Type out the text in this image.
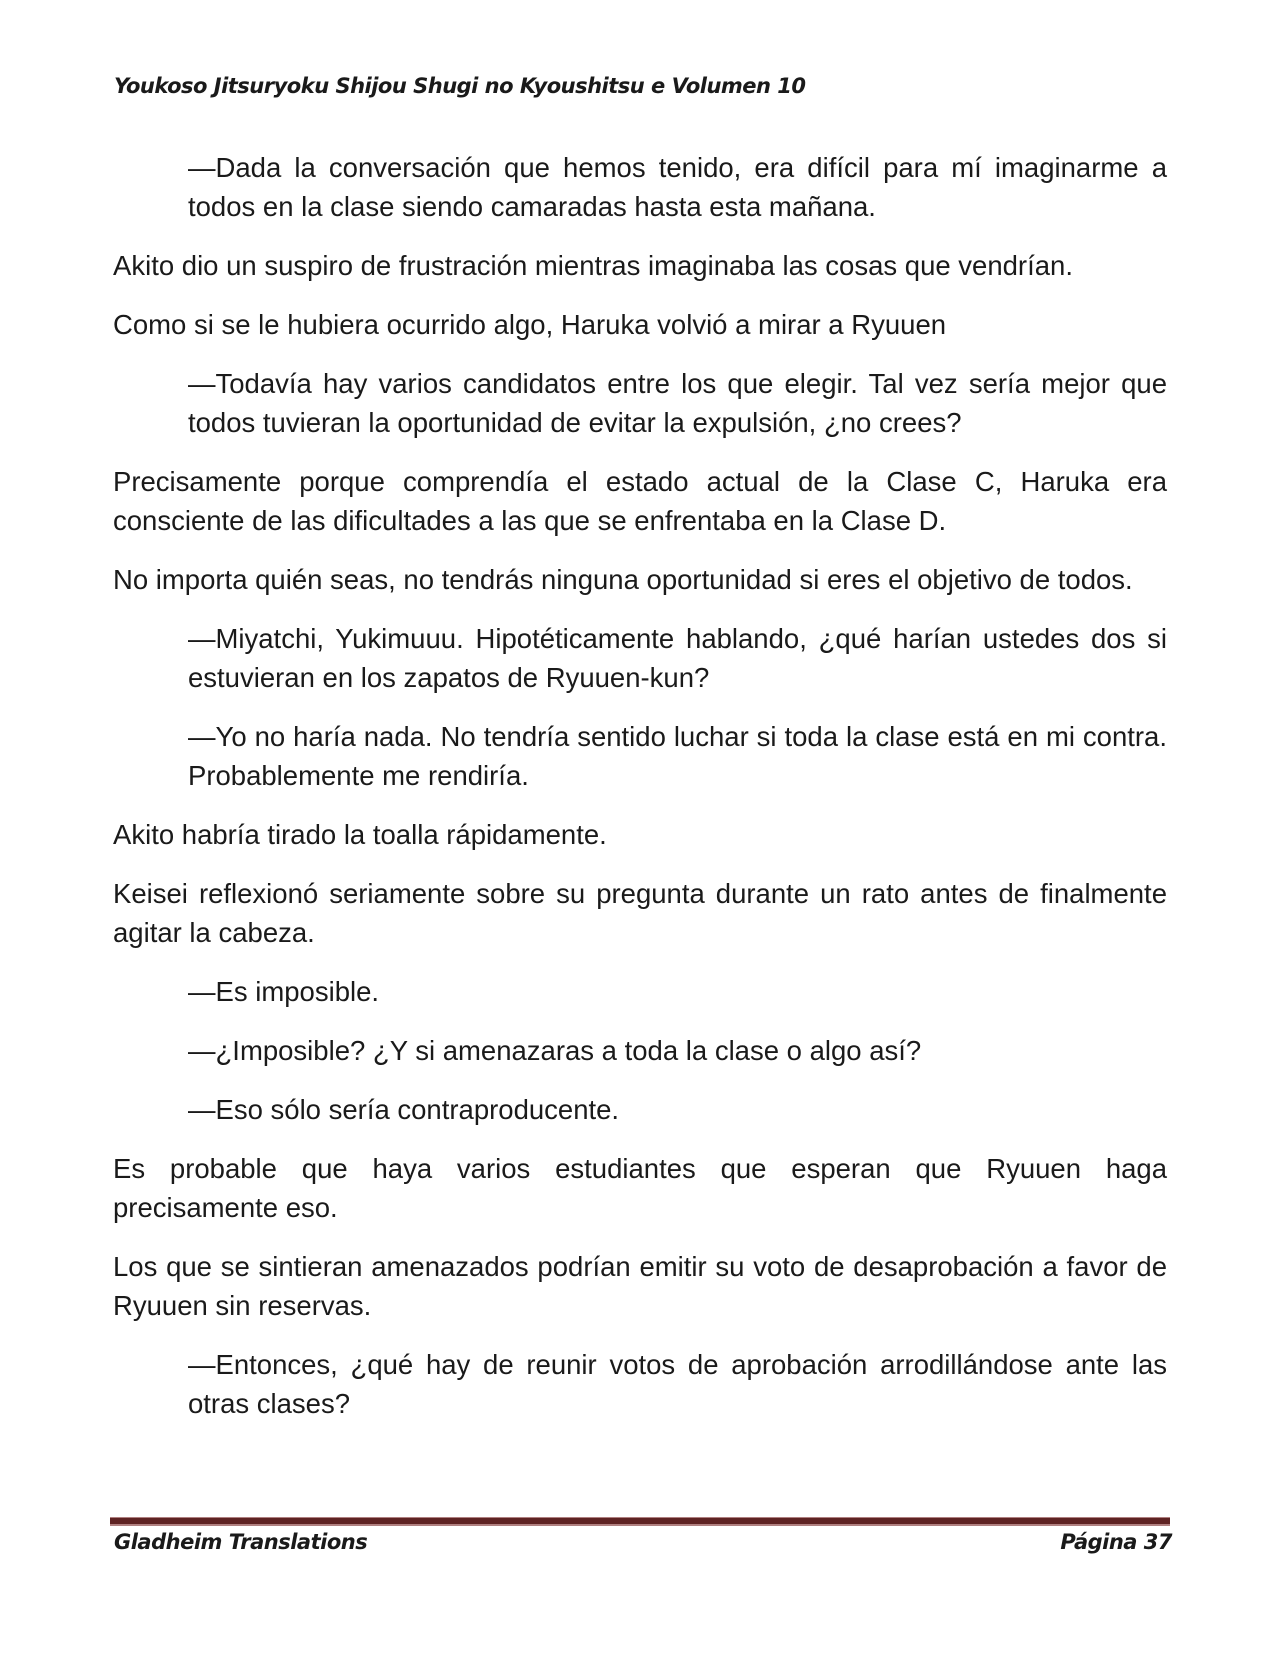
Youkoso Jitsuryoku Shijou Shugi no Kyoushitsu e Volumen 10

—Dada la conversación que hemos tenido, era difícil para mí imaginarme a todos en la clase siendo camaradas hasta esta mañana.

Akito dio un suspiro de frustración mientras imaginaba las cosas que vendrían.

Como si se le hubiera ocurrido algo, Haruka volvió a mirar a Ryuuen

—Todavía hay varios candidatos entre los que elegir. Tal vez sería mejor que todos tuvieran la oportunidad de evitar la expulsión, ¿no crees?

Precisamente porque comprendía el estado actual de la Clase C, Haruka era consciente de las dificultades a las que se enfrentaba en la Clase D.

No importa quién seas, no tendrás ninguna oportunidad si eres el objetivo de todos.

—Miyatchi, Yukimuuu. Hipotéticamente hablando, ¿qué harían ustedes dos si estuvieran en los zapatos de Ryuuen-kun?

—Yo no haría nada. No tendría sentido luchar si toda la clase está en mi contra. Probablemente me rendiría.

Akito habría tirado la toalla rápidamente.

Keisei reflexionó seriamente sobre su pregunta durante un rato antes de finalmente agitar la cabeza.

—Es imposible.

—¿Imposible? ¿Y si amenazaras a toda la clase o algo así?

—Eso sólo sería contraproducente.

Es probable que haya varios estudiantes que esperan que Ryuuen haga precisamente eso.

Los que se sintieran amenazados podrían emitir su voto de desaprobación a favor de Ryuuen sin reservas.

—Entonces, ¿qué hay de reunir votos de aprobación arrodillándose ante las otras clases?

Gladheim Translations	Página 37
